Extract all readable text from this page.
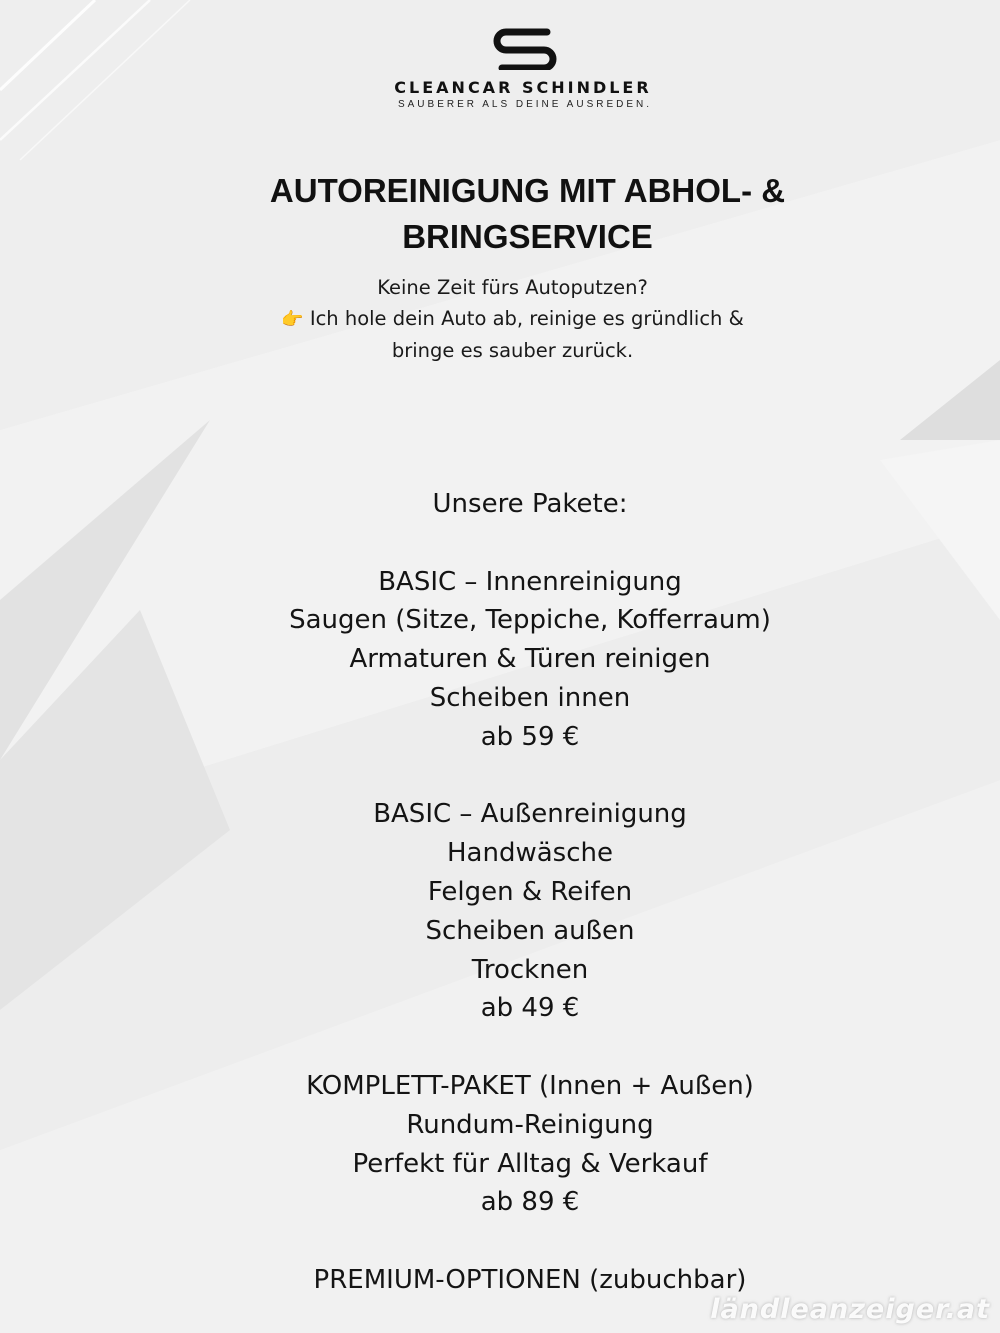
CLEANCAR SCHINDLER
SAUBERER ALS DEINE AUSREDEN.
AUTOREINIGUNG MIT ABHOL- &
BRINGSERVICE
Keine Zeit fürs Autoputzen?
👉 Ich hole dein Auto ab, reinige es gründlich &
bringe es sauber zurück.
Unsere Pakete:
BASIC – Innenreinigung
Saugen (Sitze, Teppiche, Kofferraum)
Armaturen & Türen reinigen
Scheiben innen
ab 59 €
BASIC – Außenreinigung
Handwäsche
Felgen & Reifen
Scheiben außen
Trocknen
ab 49 €
KOMPLETT-PAKET (Innen + Außen)
Rundum-Reinigung
Perfekt für Alltag & Verkauf
ab 89 €
PREMIUM-OPTIONEN (zubuchbar)
ländleanzeiger.at
